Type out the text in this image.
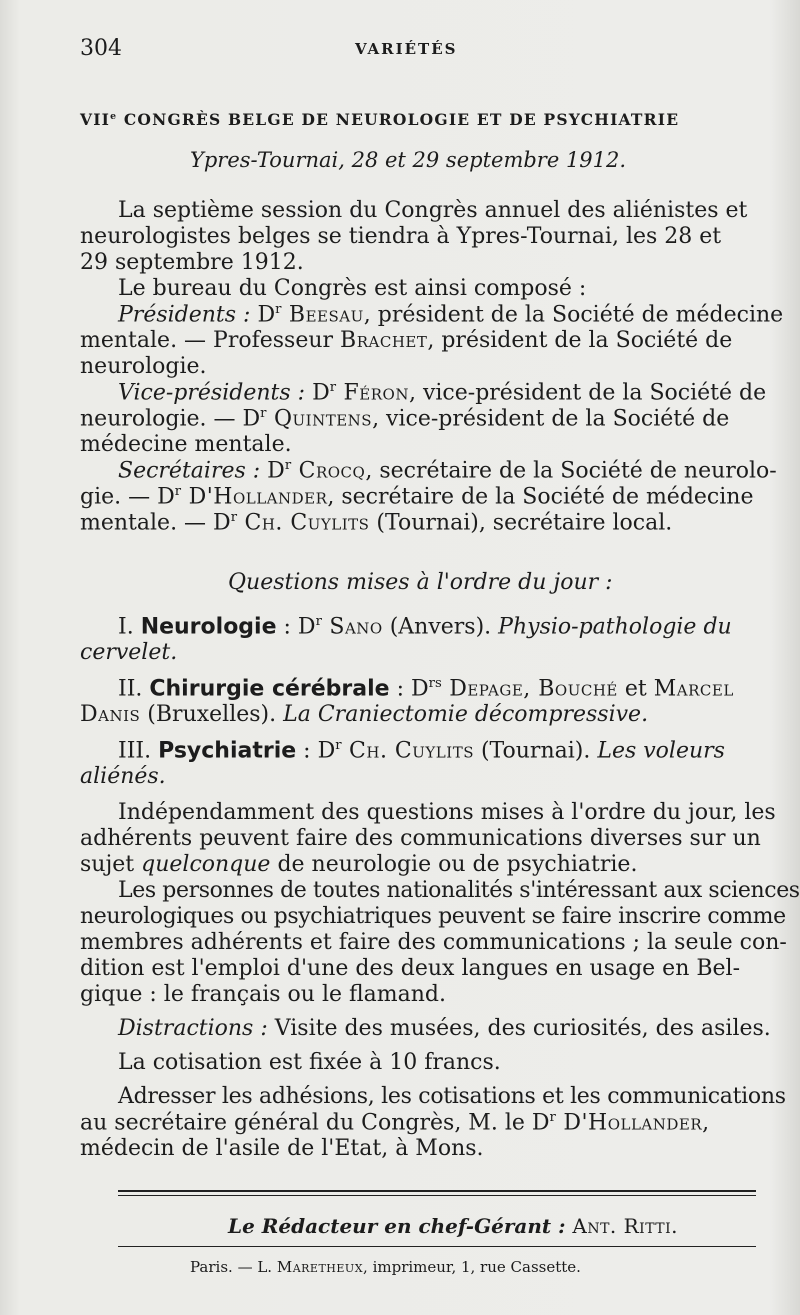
304	VARIÉTÉS
VIIe CONGRÈS BELGE DE NEUROLOGIE ET DE PSYCHIATRIE
Ypres-Tournai, 28 et 29 septembre 1912.
La septième session du Congrès annuel des aliénistes et
neurologistes belges se tiendra à Ypres-Tournai, les 28 et
29 septembre 1912.
Le bureau du Congrès est ainsi composé :
Présidents : $D^r$ Beesau, président de la Société de médecine
mentale. — Professeur Brachet, président de la Société de
neurologie.
Vice-présidents : $D^r$ Féron, vice-président de la Société de
neurologie. — $D^r$ Quintens, vice-président de la Société de
médecine mentale.
Secrétaires : $D^r$ Crocq, secrétaire de la Société de neurolo-
gie. — $D^r$ D'Hollander, secrétaire de la Société de médecine
mentale. — $D^r$ Ch. Cuylits (Tournai), secrétaire local.
Questions mises à l'ordre du jour :
I. Neurologie : $D^r$ Sano (Anvers). Physio-pathologie du
cervelet.
II. Chirurgie cérébrale : $D^{rs}$ Depage, Bouché et Marcel
Danis (Bruxelles). La Craniectomie décompressive.
III. Psychiatrie : $D^r$ Ch. Cuylits (Tournai). Les voleurs
aliénés.
Indépendamment des questions mises à l'ordre du jour, les
adhérents peuvent faire des communications diverses sur un
sujet quelconque de neurologie ou de psychiatrie.
Les personnes de toutes nationalités s'intéressant aux sciences
neurologiques ou psychiatriques peuvent se faire inscrire comme
membres adhérents et faire des communications ; la seule con-
dition est l'emploi d'une des deux langues en usage en Bel-
gique : le français ou le flamand.
Distractions : Visite des musées, des curiosités, des asiles.
La cotisation est fixée à 10 francs.
Adresser les adhésions, les cotisations et les communications
au secrétaire général du Congrès, M. le $D^r$ D'Hollander,
médecin de l'asile de l'Etat, à Mons.
Le Rédacteur en chef-Gérant : Ant. Ritti.
Paris. — L. Maretheux, imprimeur, 1, rue Cassette.
